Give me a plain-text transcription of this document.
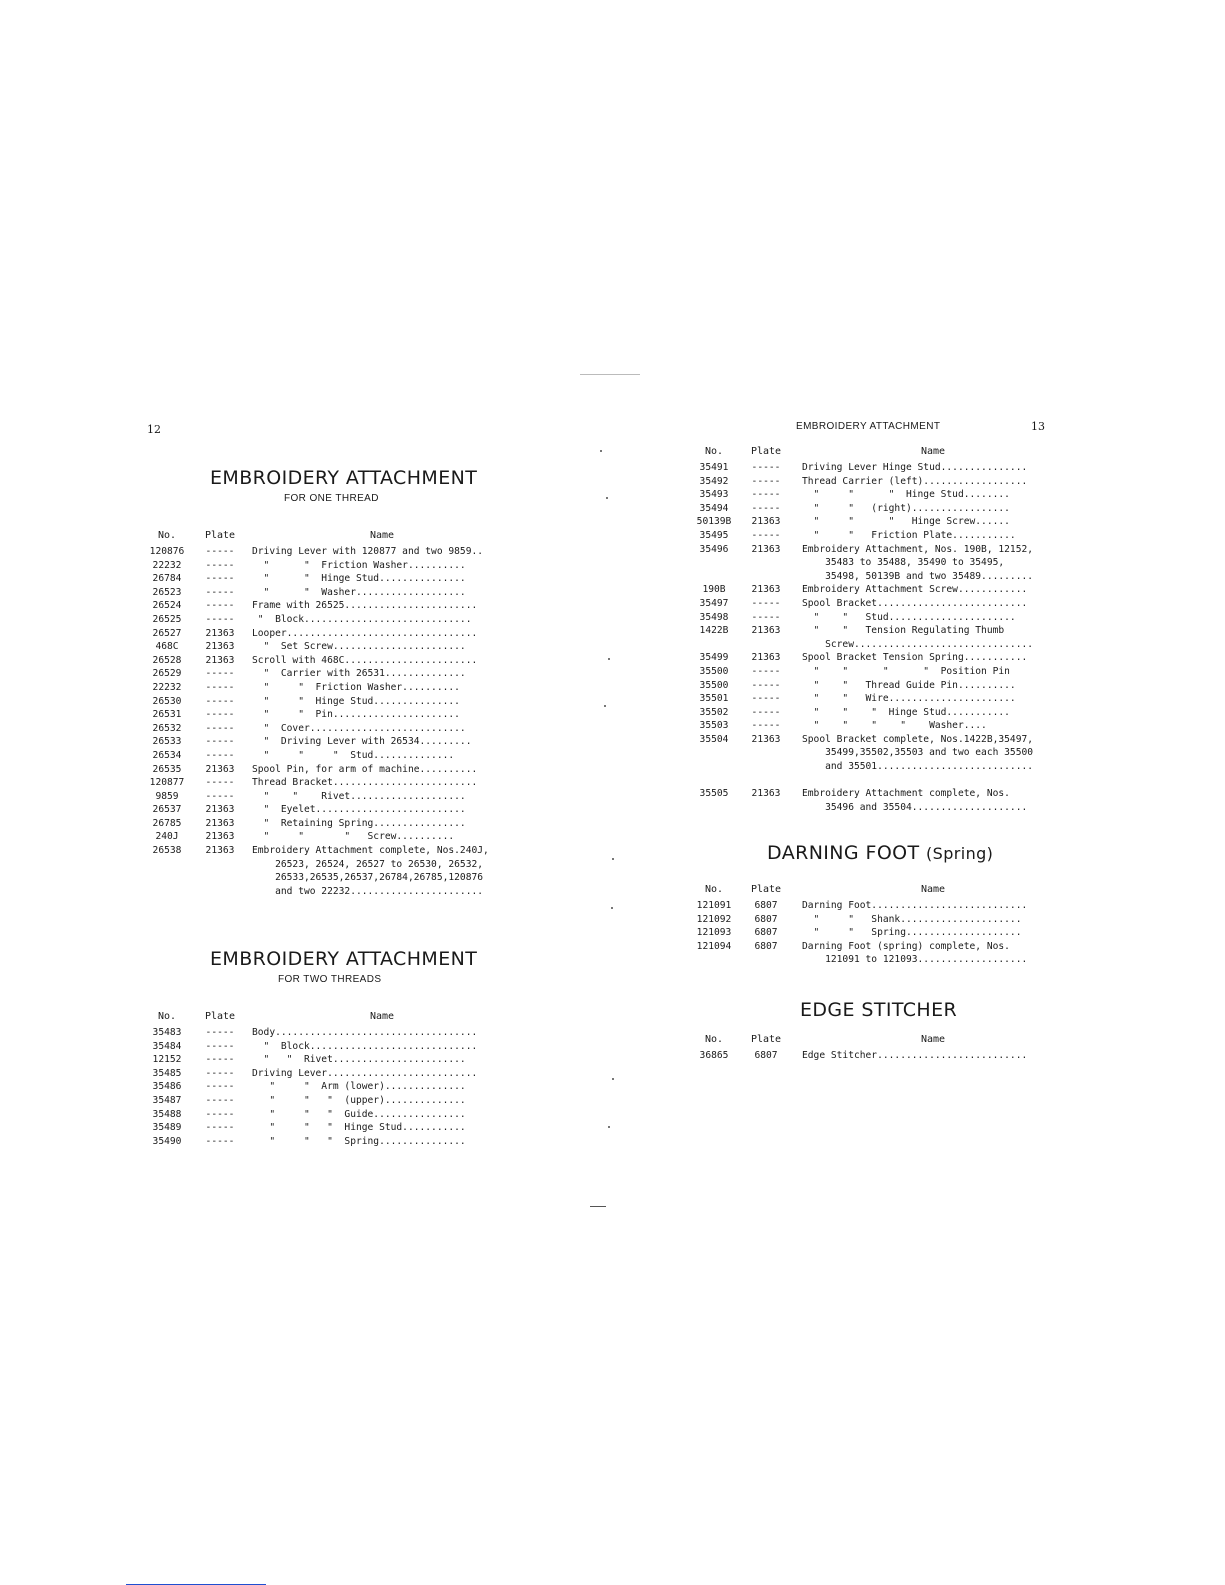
12
EMBROIDERY ATTACHMENT
FOR ONE THREAD
No.	Plate	Name
120876	-----	Driving Lever with 120877 and two 9859..
22232	-----	"      "  Friction Washer..........
26784	-----	"      "  Hinge Stud...............
26523	-----	"      "  Washer...................
26524	-----	Frame with 26525.......................
26525	-----	"  Block.............................
26527	21363	Looper.................................
468C	21363	"  Set Screw.......................
26528	21363	Scroll with 468C.......................
26529	-----	"  Carrier with 26531..............
22232	-----	"     "  Friction Washer..........
26530	-----	"     "  Hinge Stud...............
26531	-----	"     "  Pin......................
26532	-----	"  Cover...........................
26533	-----	"  Driving Lever with 26534.........
26534	-----	"     "     "  Stud..............
26535	21363	Spool Pin, for arm of machine..........
120877	-----	Thread Bracket.........................
9859	-----	"    "    Rivet....................
26537	21363	"  Eyelet..........................
26785	21363	"  Retaining Spring................
240J	21363	"     "       "   Screw..........
26538	21363	Embroidery Attachment complete, Nos.240J,
26523, 26524, 26527 to 26530, 26532,
26533,26535,26537,26784,26785,120876
and two 22232.......................
EMBROIDERY ATTACHMENT
FOR TWO THREADS
No.	Plate	Name
35483	-----	Body...................................
35484	-----	"  Block.............................
12152	-----	"   "  Rivet.......................
35485	-----	Driving Lever..........................
35486	-----	"     "  Arm (lower)..............
35487	-----	"     "   "  (upper)..............
35488	-----	"     "   "  Guide................
35489	-----	"     "   "  Hinge Stud...........
35490	-----	"     "   "  Spring...............
EMBROIDERY ATTACHMENT	13
No.	Plate	Name
35491	-----	Driving Lever Hinge Stud...............
35492	-----	Thread Carrier (left)..................
35493	-----	"     "      "  Hinge Stud........
35494	-----	"     "   (right).................
50139B	21363	"     "      "   Hinge Screw......
35495	-----	"     "   Friction Plate...........
35496	21363	Embroidery Attachment, Nos. 190B, 12152,
35483 to 35488, 35490 to 35495,
35498, 50139B and two 35489.........
190B	21363	Embroidery Attachment Screw............
35497	-----	Spool Bracket..........................
35498	-----	"    "   Stud......................
1422B	21363	"    "   Tension Regulating Thumb
Screw...............................
35499	21363	Spool Bracket Tension Spring...........
35500	-----	"    "      "      "  Position Pin
35500	-----	"    "   Thread Guide Pin..........
35501	-----	"    "   Wire......................
35502	-----	"    "    "  Hinge Stud...........
35503	-----	"    "    "    "    Washer....
35504	21363	Spool Bracket complete, Nos.1422B,35497,
35499,35502,35503 and two each 35500
and 35501...........................
35505	21363	Embroidery Attachment complete, Nos.
35496 and 35504....................
DARNING FOOT (Spring)
No.	Plate	Name
121091	6807	Darning Foot...........................
121092	6807	"     "   Shank.....................
121093	6807	"     "   Spring....................
121094	6807	Darning Foot (spring) complete, Nos.
121091 to 121093...................
EDGE STITCHER
No.	Plate	Name
36865	6807	Edge Stitcher..........................
